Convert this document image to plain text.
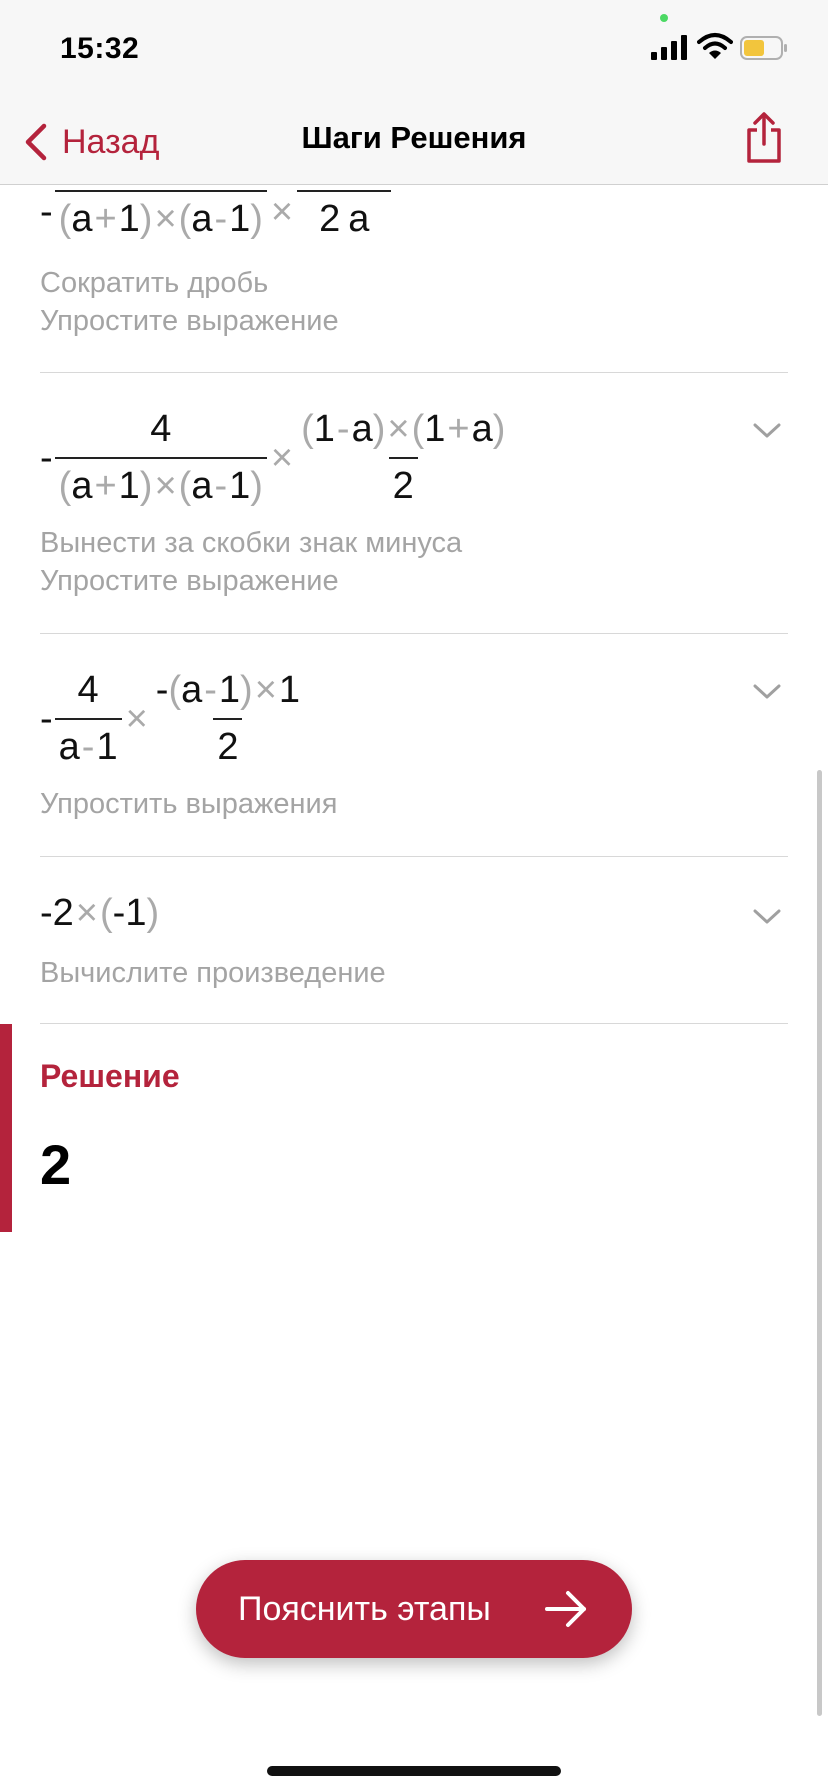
- (a+1)×(a-1) × 2 a
Сократить дробь
Упростите выражение
- $\frac{4}{(a+1)\times(a-1)} \times \frac{(1-a)\times(1+a)}{2}$
Вынести за скобки знак минуса
Упростите выражение
- $\frac{4}{a-1} \times \frac{-(a-1)\times 1}{2}$
Упростить выражения
- 2 × ( - 1 )
Вычислите произведение
Решение
2
15:32
Назад	Шаги Решения
Пояснить этапы
